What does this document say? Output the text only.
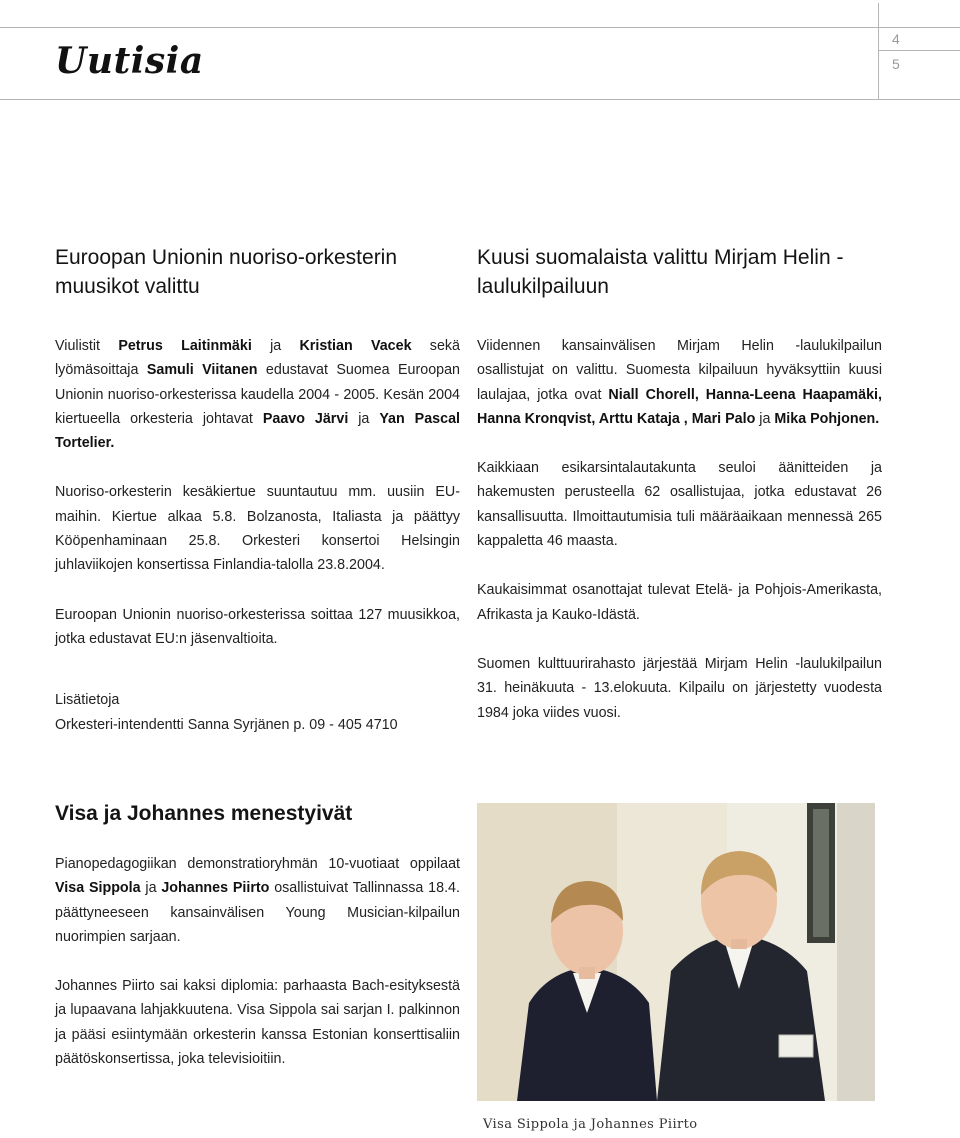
Uutisia
4
5
Euroopan Unionin nuoriso-orkesterin muusikot valittu

Viulistit Petrus Laitinmäki ja Kristian Vacek sekä lyömäsoittaja Samuli Viitanen edustavat Suomea Euroopan Unionin nuoriso-orkesterissa kaudella 2004 - 2005. Kesän 2004 kiertueella orkesteria johtavat Paavo Järvi ja Yan Pascal Tortelier.

Nuoriso-orkesterin kesäkiertue suuntautuu mm. uusiin EU-maihin. Kiertue alkaa 5.8. Bolzanosta, Italiasta ja päättyy Kööpenhaminaan 25.8. Orkesteri konsertoi Helsingin juhlaviikojen konsertissa Finlandia-talolla 23.8.2004.

Euroopan Unionin nuoriso-orkesterissa soittaa 127 muusikkoa, jotka edustavat EU:n jäsenvaltioita.

Lisätietoja

Orkesteri-intendentti Sanna Syrjänen p. 09 - 405 4710

Kuusi suomalaista valittu Mirjam Helin -laulukilpailuun

Viidennen kansainvälisen Mirjam Helin -laulukilpailun osallistujat on valittu. Suomesta kilpailuun hyväksyttiin kuusi laulajaa, jotka ovat Niall Chorell, Hanna-Leena Haapamäki, Hanna Kronqvist, Arttu Kataja , Mari Palo ja Mika Pohjonen.

Kaikkiaan esikarsintalautakunta seuloi äänitteiden ja hakemusten perusteella 62 osallistujaa, jotka edustavat 26 kansallisuutta. Ilmoittautumisia tuli määräaikaan mennessä 265 kappaletta 46 maasta.

Kaukaisimmat osanottajat tulevat Etelä- ja Pohjois-Amerikasta, Afrikasta ja Kauko-Idästä.

Suomen kulttuurirahasto järjestää Mirjam Helin -laulukilpailun 31. heinäkuuta - 13.elokuuta. Kilpailu on järjestetty vuodesta 1984 joka viides vuosi.

Visa ja Johannes menestyivät

Pianopedagogiikan demonstratioryhmän 10-vuotiaat oppilaat Visa Sippola ja Johannes Piirto osallistuivat Tallinnassa 18.4. päättyneeseen kansainvälisen Young Musician-kilpailun nuorimpien sarjaan.

Johannes Piirto sai kaksi diplomia: parhaasta Bach-esityksestä ja lupaavana lahjakkuutena. Visa Sippola sai sarjan I. palkinnon ja pääsi esiintymään orkesterin kanssa Estonian konserttisaliin päätöskonsertissa, joka televisioitiin.

Visa Sippola ja Johannes Piirto
